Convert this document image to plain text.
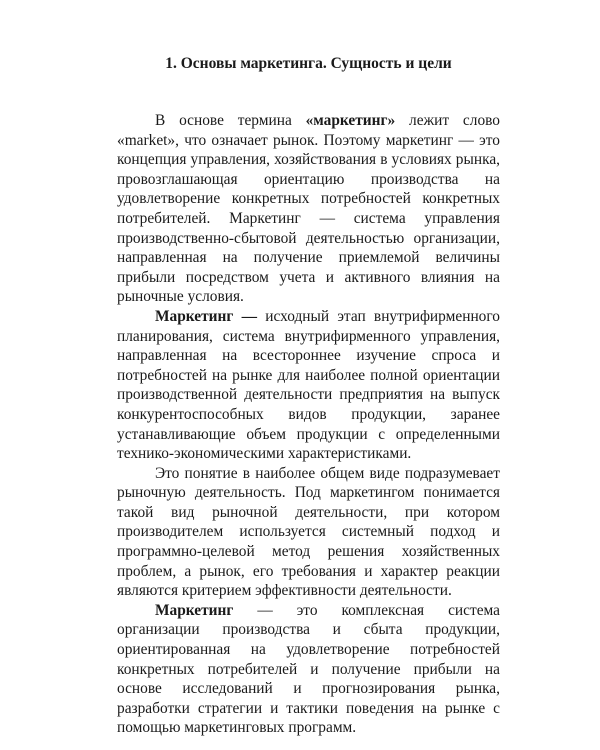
1. Основы маркетинга. Сущность и цели

В основе термина «маркетинг» лежит слово «market», что означает рынок. Поэтому маркетинг — это концепция управления, хозяйствования в условиях рынка, провозглашающая ориентацию производства на удовлетворение конкретных потребностей конкретных потребителей. Маркетинг — система управления производственно-сбытовой деятельностью организации, направленная на получение приемлемой величины прибыли посредством учета и активного влияния на рыночные условия.

Маркетинг — исходный этап внутрифирменного планирования, система внутрифирменного управления, направленная на всестороннее изучение спроса и потребностей на рынке для наиболее полной ориентации производственной деятельности предприятия на выпуск конкурентоспособных видов продукции, заранее устанавливающие объем продукции с определенными технико-экономическими характеристиками.

Это понятие в наиболее общем виде подразумевает рыночную деятельность. Под маркетингом понимается такой вид рыночной деятельности, при котором производителем используется системный подход и программно-целевой метод решения хозяйственных проблем, а рынок, его требования и характер реакции являются критерием эффективности деятельности.

Маркетинг — это комплексная система организации производства и сбыта продукции, ориентированная на удовлетворение потребностей конкретных потребителей и получение прибыли на основе исследований и прогнозирования рынка, разработки стратегии и тактики поведения на рынке с помощью маркетинговых программ.
